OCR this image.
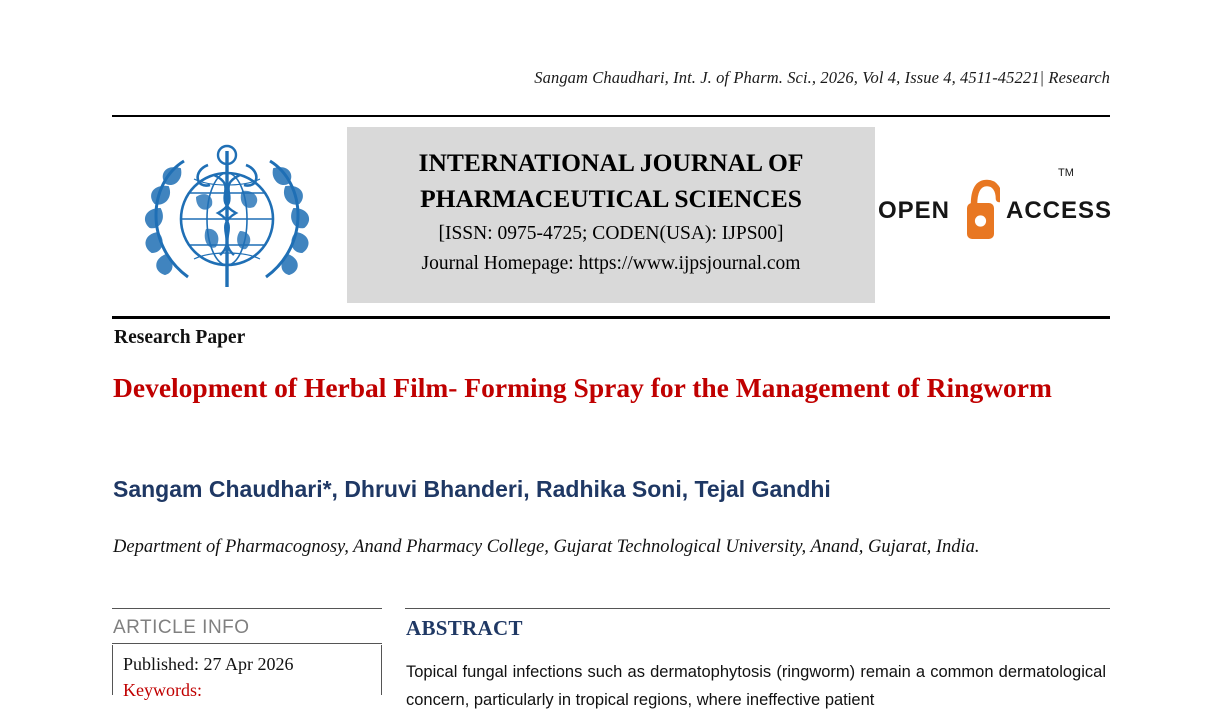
Sangam Chaudhari, Int. J. of Pharm. Sci., 2026, Vol 4, Issue 4, 4511-45221| Research
INTERNATIONAL JOURNAL OF
PHARMACEUTICAL SCIENCES
[ISSN: 0975-4725; CODEN(USA): IJPS00]
Journal Homepage: https://www.ijpsjournal.com
OPEN
TM
ACCESS
Research Paper
Development of Herbal Film- Forming Spray for the Management of Ringworm
Sangam Chaudhari*, Dhruvi Bhanderi, Radhika Soni, Tejal Gandhi
Department of Pharmacognosy, Anand Pharmacy College, Gujarat Technological University, Anand, Gujarat, India.
ARTICLE INFO
Published: 27 Apr 2026
Keywords:
ABSTRACT
Topical fungal infections such as dermatophytosis (ringworm) remain a common dermatological concern, particularly in tropical regions, where ineffective patient
